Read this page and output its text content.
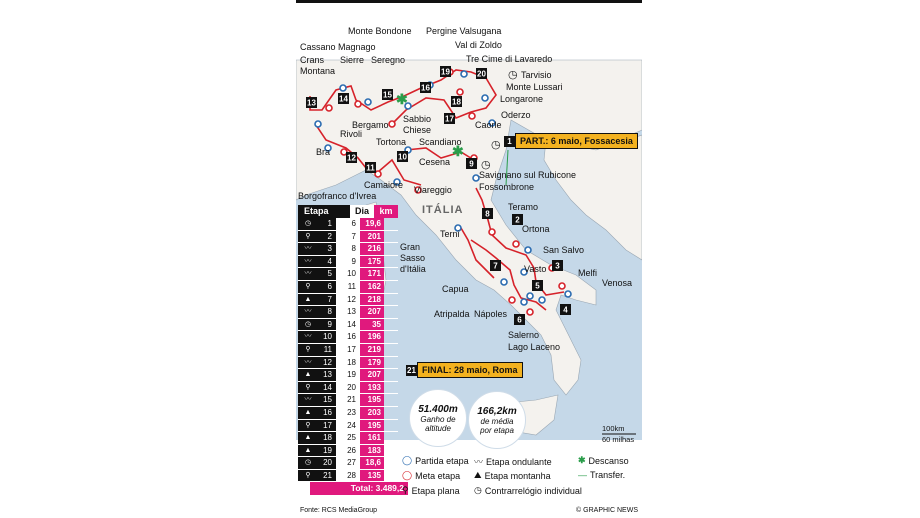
✱
✱
◷
◷
◷
13	14	15
16
17
18
19	20
12
11
10
9
8
2
3
7
5
4
6
Crans
Montana
Cassano Magnago
Monte Bondone Pergine Valsugana
Val di Zoldo
Tre Cime di Lavaredo
Tarvisio
Monte Lussari
Longarone
Oderzo
Caorle
Sierre Seregno
Bergamo
Sabbio
Chiese
Rivoli
Bra
Tortona Scandiano
Cesena
Savignano sul Rubicone
Fossombrone
Camaiore Viareggio
Borgofranco d'Ivrea
ITÁLIA	Teramo
Ortona
Terni
San Salvo
Gran
Sasso
d'Itália	Vasto	Melfi
Venosa
Capua
Atripalda Nápoles
Salerno
Lago Laceno
100km
60 milhas
1 PART.: 6 maio, Fossacesia
21 FINAL: 28 maio, Roma
51.400m
Ganho de
altitude
166,2km
de média
por etapa
Etapa	Dia	km
◷	1	6	19,6
⚲	2	7	201
〰	3	8	216
〰	4	9	175
〰	5	10	171
⚲	6	11	162
▲	7	12	218
〰	8	13	207
◷	9	14	35
〰	10	16	196
⚲	11	17	219
〰	12	18	179
▲	13	19	207
⚲	14	20	193
〰	15	21	195
▲	16	23	203
⚲	17	24	195
▲	18	25	161
▲	19	26	183
◷	20	27	18,6
⚲	21	28	135
Total: 3.489,2
◯ Partida etapa
◯ Meta etapa
⚲ Etapa plana
〰 Etapa ondulante
⛰ Etapa montanha
◷ Contrarrelógio individual
✱ Descanso
— Transfer.
Fonte: RCS MediaGroup	© GRAPHIC NEWS
